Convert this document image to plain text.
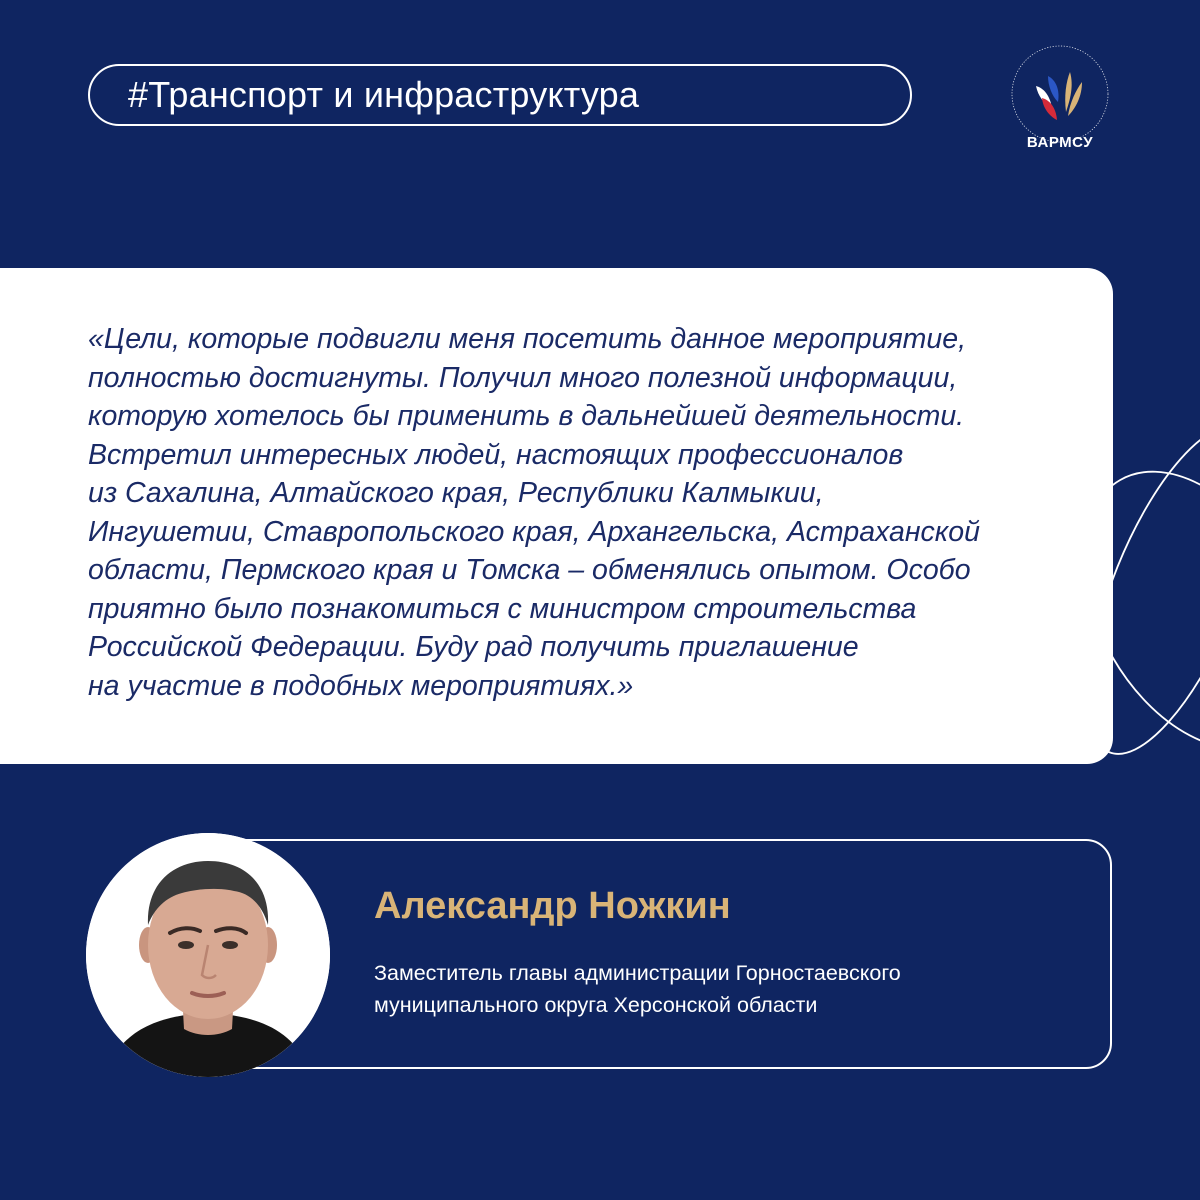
#Транспорт и инфраструктура
ВАРМСУ
«Цели, которые подвигли меня посетить данное мероприятие,
полностью достигнуты. Получил много полезной информации,
которую хотелось бы применить в дальнейшей деятельности.
Встретил интересных людей, настоящих профессионалов
из Сахалина, Алтайского края, Республики Калмыкии,
Ингушетии, Ставропольского края, Архангельска, Астраханской
области, Пермского края и Томска – обменялись опытом. Особо
приятно было познакомиться с министром строительства
Российской Федерации. Буду рад получить приглашение
на участие в подобных мероприятиях.»
Александр Ножкин
Заместитель главы администрации Горностаевского
муниципального округа Херсонской области
